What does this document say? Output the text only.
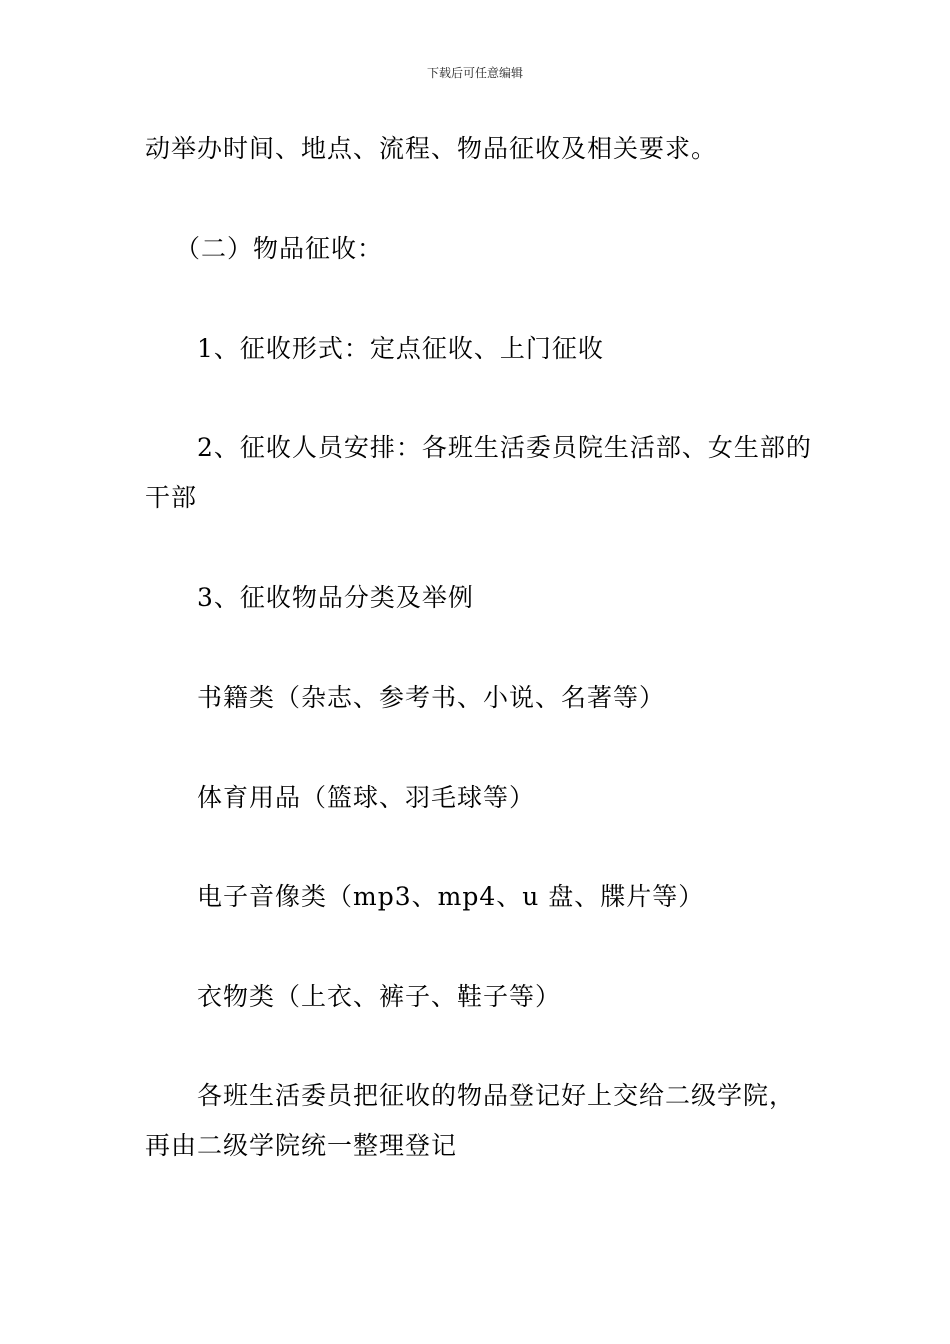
下载后可任意编辑
动举办时间、地点、流程、物品征收及相关要求。
（二）物品征收：
1、征收形式：定点征收、上门征收
2、征收人员安排：各班生活委员院生活部、女生部的
干部
3、征收物品分类及举例
书籍类（杂志、参考书、小说、名著等）
体育用品（篮球、羽毛球等）
电子音像类（mp3、mp4、u 盘、牒片等）
衣物类（上衣、裤子、鞋子等）
各班生活委员把征收的物品登记好上交给二级学院，
再由二级学院统一整理登记
